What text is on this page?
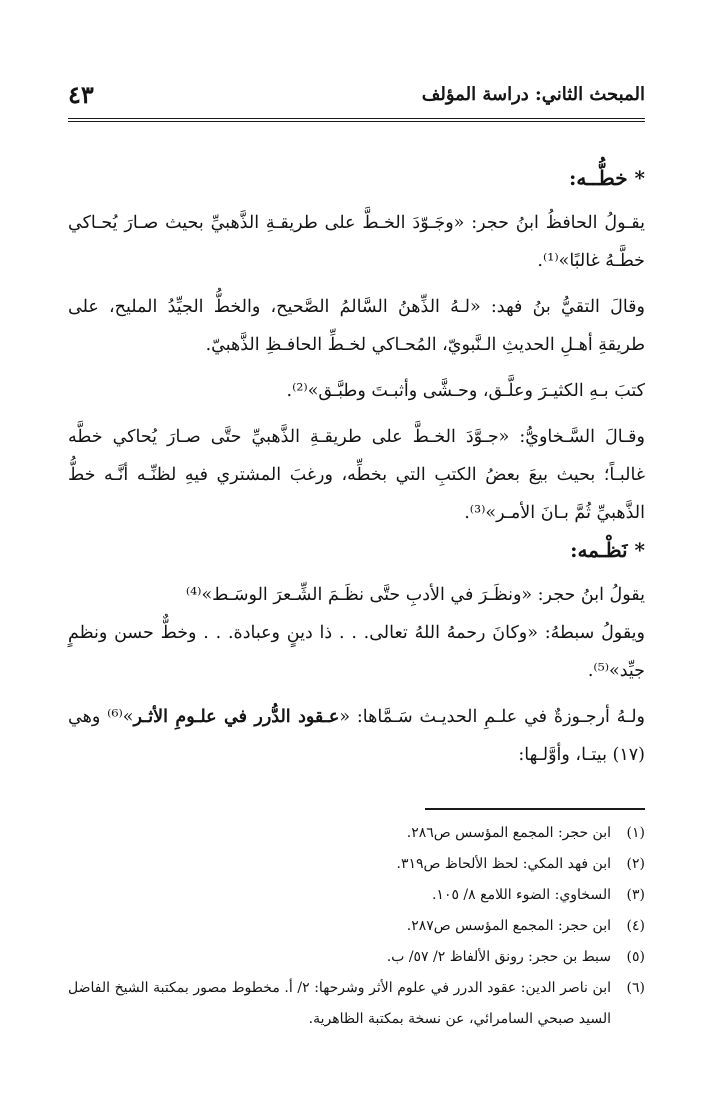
المبحث الثاني: دراسة المؤلف
٤٣
* خطُّــه:

يقـولُ الحافظُ ابنُ حجر: «وجَـوّدَ الخـطَّ على طريقـةِ الذَّهبيِّ بحيث صـارَ يُحـاكي خطَّـهُ غالبًا»⁽¹⁾.

وقالَ التقيُّ بنُ فهد: «لـهُ الذِّهنُ السَّالمُ الصَّحيح، والخطُّ الجيِّدُ المليح، على طريقةِ أهـلِ الحديثِ الـنَّبويّ، المُحـاكي لخـطِّ الحافـظِ الذَّهبيّ.

كتبَ بـهِ الكثيـرَ وعلَّـق، وحـشَّى وأثبـتَ وطبَّـق»⁽²⁾.

وقـالَ السَّـخاويُّ: «جـوَّدَ الخـطَّ على طريقـةِ الذَّهبيِّ حتَّى صـارَ يُحاكي خطَّه غالبـاً؛ بحيث بيعَ بعضُ الكتبِ التي بخطِّه، ورغبَ المشتري فيهِ لظنِّـه أنَّـه خطُّ الذَّهبيِّ ثُمَّ بـانَ الأمـر»⁽³⁾.

* نَظْـمه:

يقولُ ابنُ حجر: «ونظَـرَ في الأدبِ حتَّى نظَـمَ الشِّـعرَ الوسَـط»⁽⁴⁾

ويقولُ سبطهُ: «وكانَ رحمهُ اللهُ تعالى. . . ذا دينٍ وعبادة. . . وخطٌّ حسن ونظمٍ جيِّد»⁽⁵⁾.

ولـهُ أرجـوزةٌ في علـمِ الحديـث سَـمَّاها: «عـقود الدُّرر في علـومِ الأثـر»⁽⁶⁾ وهي (١٧) بيتـا، وأوَّلـها:

(١)
ابن حجر: المجمع المؤسس ص٢٨٦.
(٢)
ابن فهد المكي: لحظ الألحاظ ص٣١٩.
(٣)
السخاوي: الضوء اللامع ٨/ ١٠٥.
(٤)
ابن حجر: المجمع المؤسس ص٢٨٧.
(٥)
سبط بن حجر: رونق الألفاظ ٢/ ٥٧/ ب.
(٦)
ابن ناصر الدين: عقود الدرر في علوم الأثر وشرحها: ٢/ أ. مخطوط مصور بمكتبة الشيخ الفاضل السيد صبحي السامرائي، عن نسخة بمكتبة الظاهرية.
